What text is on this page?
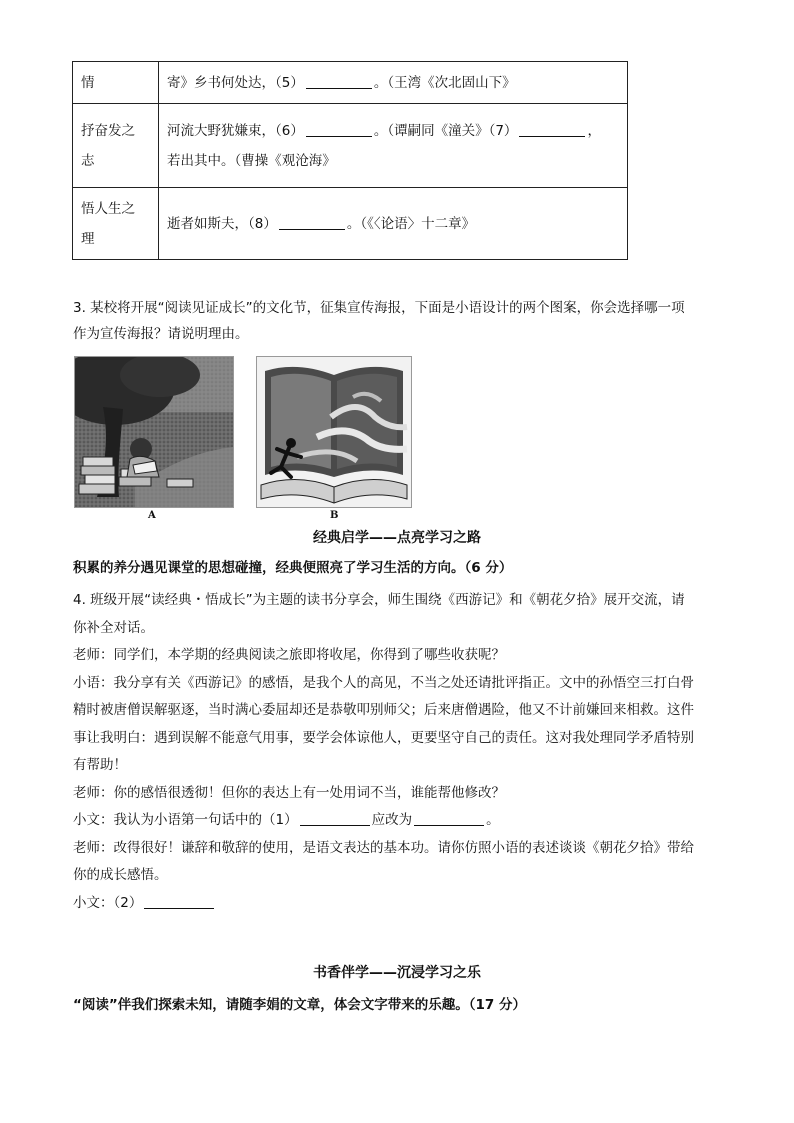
情	寄》乡书何处达，（5） 。（王湾《次北固山下》
抒奋发之
志	河流大野犹嫌束，（6） 。（谭嗣同《潼关》（7） ，
若出其中。（曹操《观沧海》
悟人生之
理	逝者如斯夫，（8） 。（《〈论语〉十二章》
3. 某校将开展“阅读见证成长”的文化节，征集宣传海报，下面是小语设计的两个图案，你会选择哪一项
作为宣传海报？请说明理由。
A	B
经典启学——点亮学习之路
积累的养分遇见课堂的思想碰撞，经典便照亮了学习生活的方向。（6 分）
4. 班级开展“读经典・悟成长”为主题的读书分享会，师生围绕《西游记》和《朝花夕拾》展开交流，请
你补全对话。
老师：同学们，本学期的经典阅读之旅即将收尾，你得到了哪些收获呢？
小语：我分享有关《西游记》的感悟，是我个人的高见，不当之处还请批评指正。文中的孙悟空三打白骨
精时被唐僧误解驱逐，当时满心委屈却还是恭敬叩别师父；后来唐僧遇险，他又不计前嫌回来相救。这件
事让我明白：遇到误解不能意气用事，要学会体谅他人，更要坚守自己的责任。这对我处理同学矛盾特别
有帮助！
老师：你的感悟很透彻！但你的表达上有一处用词不当，谁能帮他修改？
小文：我认为小语第一句话中的（1）	应改为	。
老师：改得很好！谦辞和敬辞的使用，是语文表达的基本功。请你仿照小语的表述谈谈《朝花夕拾》带给
你的成长感悟。
小文：（2）
书香伴学——沉浸学习之乐
“阅读”伴我们探索未知，请随李娟的文章，体会文字带来的乐趣。（17 分）
